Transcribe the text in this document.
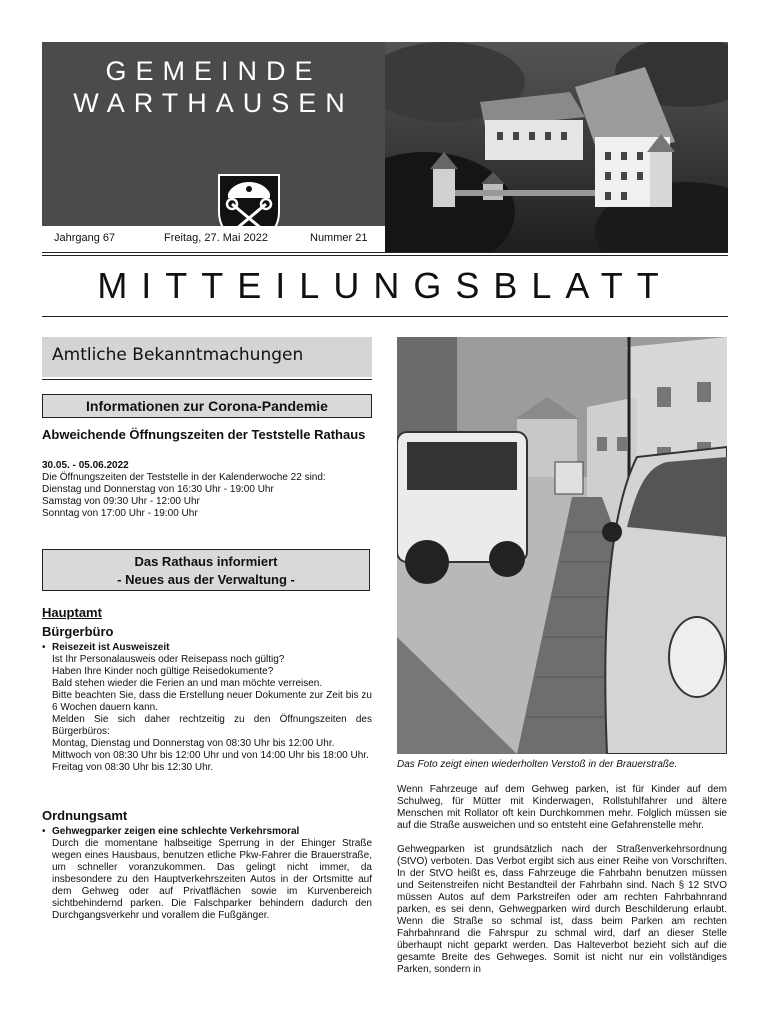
GEMEINDE
WARTHAUSEN
Jahrgang 67	Freitag, 27. Mai 2022	Nummer 21
MITTEILUNGSBLATT
Amtliche Bekanntmachungen
Informationen zur Corona-Pandemie
Abweichende Öffnungszeiten der Teststelle Rathaus
30.05. - 05.06.2022
Die Öffnungszeiten der Teststelle in der Kalenderwoche 22 sind:
Dienstag und Donnerstag von 16:30 Uhr - 19:00 Uhr
Samstag von 09:30 Uhr - 12:00 Uhr
Sonntag von 17:00 Uhr - 19:00 Uhr
Das Rathaus informiert
- Neues aus der Verwaltung -
Hauptamt
Bürgerbüro
• Reisezeit ist Ausweiszeit
Ist Ihr Personalausweis oder Reisepass noch gültig?
Haben Ihre Kinder noch gültige Reisedokumente?
Bald stehen wieder die Ferien an und man möchte verreisen.
Bitte beachten Sie, dass die Erstellung neuer Dokumente zur Zeit bis zu 6 Wochen dauern kann.
Melden Sie sich daher rechtzeitig zu den Öffnungszeiten des Bürgerbüros:
Montag, Dienstag und Donnerstag von 08:30 Uhr bis 12:00 Uhr.
Mittwoch von 08:30 Uhr bis 12:00 Uhr und von 14:00 Uhr bis 18:00 Uhr.
Freitag von 08:30 Uhr bis 12:30 Uhr.
Ordnungsamt
• Gehwegparker zeigen eine schlechte Verkehrsmoral
Durch die momentane halbseitige Sperrung in der Ehinger Straße wegen eines Hausbaus, benutzen etliche Pkw-Fahrer die Brauerstraße, um schneller voranzukommen. Das gelingt nicht immer, da insbesondere zu den Hauptverkehrszeiten Autos in der Ortsmitte auf dem Gehweg oder auf Privatflächen sowie im Kurvenbereich sichtbehindernd parken. Die Falschparker behindern dadurch den Durchgangsverkehr und vorallem die Fußgänger.
Das Foto zeigt einen wiederholten Verstoß in der Brauerstraße.
Wenn Fahrzeuge auf dem Gehweg parken, ist für Kinder auf dem Schulweg, für Mütter mit Kinderwagen, Rollstuhlfahrer und ältere Menschen mit Rollator oft kein Durchkommen mehr. Folglich müssen sie auf die Straße ausweichen und so entsteht eine Gefahrenstelle mehr.
Gehwegparken ist grundsätzlich nach der Straßenverkehrsordnung (StVO) verboten. Das Verbot ergibt sich aus einer Reihe von Vorschriften. In der StVO heißt es, dass Fahrzeuge die Fahrbahn benutzen müssen und Seitenstreifen nicht Bestandteil der Fahrbahn sind. Nach § 12 StVO müssen Autos auf dem Parkstreifen oder am rechten Fahrbahnrand parken, es sei denn, Gehwegparken wird durch Beschilderung erlaubt. Wenn die Straße so schmal ist, dass beim Parken am rechten Fahrbahnrand die Fahrspur zu schmal wird, darf an dieser Stelle überhaupt nicht geparkt werden. Das Halteverbot bezieht sich auf die gesamte Breite des Gehweges. Somit ist nicht nur ein vollständiges Parken, sondern in
